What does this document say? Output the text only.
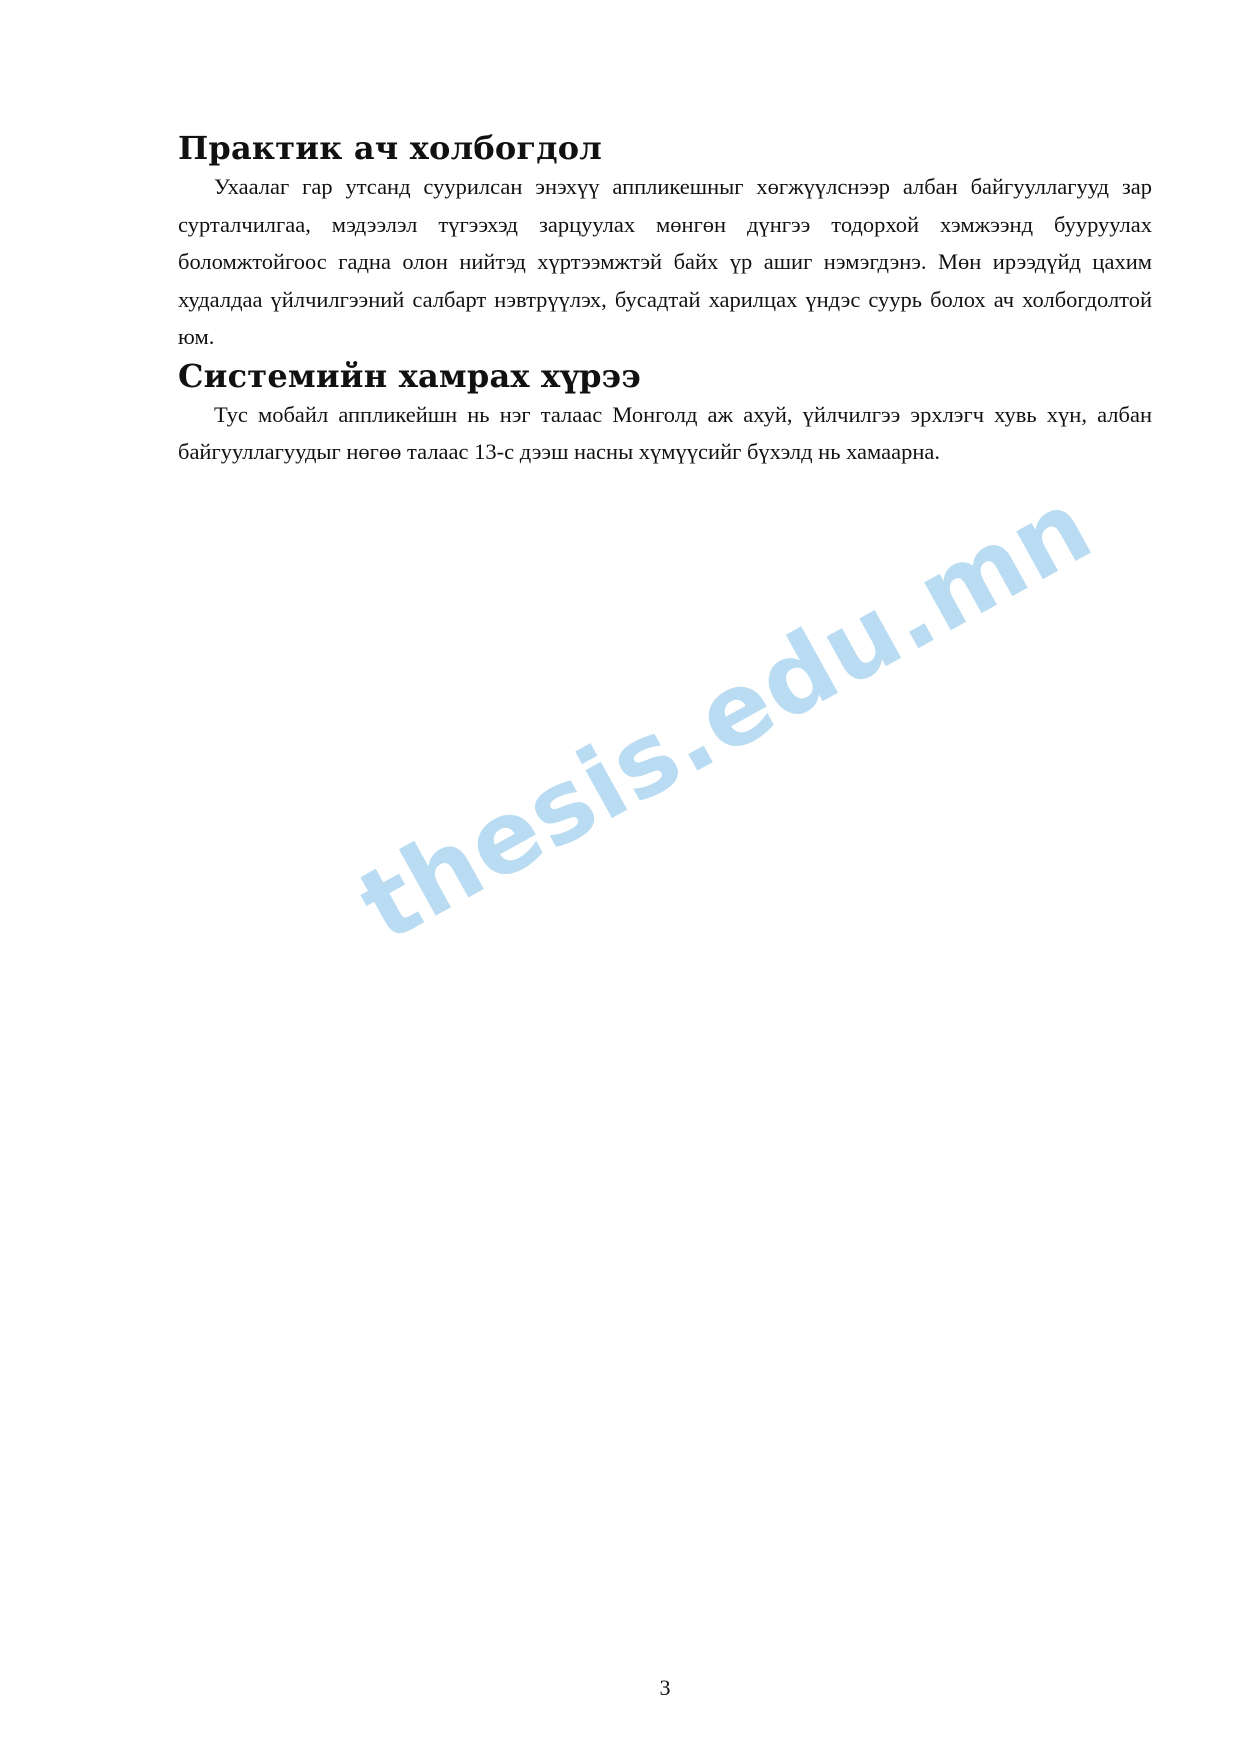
Практик ач холбогдол

Ухаалаг гар утсанд суурилсан энэхүү аппликешныг хөгжүүлснээр албан байгууллагууд зар сурталчилгаа, мэдээлэл түгээхэд зарцуулах мөнгөн дүнгээ тодорхой хэмжээнд бууруулах боломжтойгоос гадна олон нийтэд хүртээмжтэй байх үр ашиг нэмэгдэнэ. Мөн ирээдүйд цахим худалдаа үйлчилгээний салбарт нэвтрүүлэх, бусадтай харилцах үндэс суурь болох ач холбогдолтой юм.

Системийн хамрах хүрээ

Тус мобайл аппликейшн нь нэг талаас Монголд аж ахуй, үйлчилгээ эрхлэгч хувь хүн, албан байгууллагуудыг нөгөө талаас 13-с дээш насны хүмүүсийг бүхэлд нь хамаарна.

thesis.edu.mn
3
